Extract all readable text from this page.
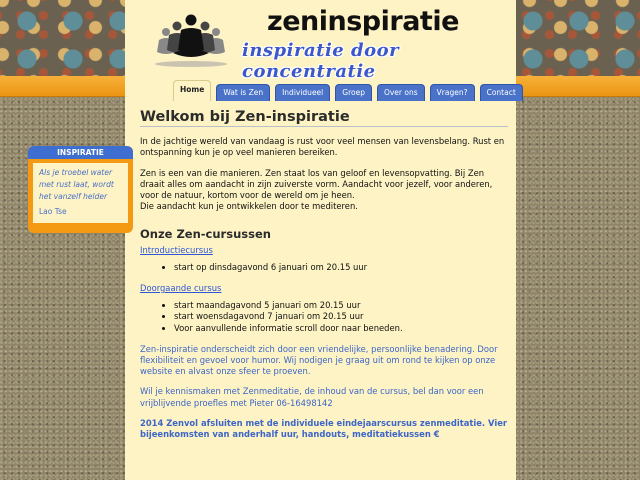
zeninspiratie
inspiratie door concentratie
Home	Wat is Zen	Individueel	Groep	Over ons	Vragen?	Contact
INSPIRATIE
Als je troebel water met rust laat, wordt het vanzelf helder
Lao Tse
Welkom bij Zen-inspiratie

In de jachtige wereld van vandaag is rust voor veel mensen van levensbelang. Rust en ontspanning kun je op veel manieren bereiken.

Zen is een van die manieren. Zen staat los van geloof en levensopvatting. Bij Zen draait alles om aandacht in zijn zuiverste vorm. Aandacht voor jezelf, voor anderen, voor de natuur, kortom voor de wereld om je heen.
Die aandacht kun je ontwikkelen door te mediteren.

Onze Zen-cursussen
Introductiecursus
• start op dinsdagavond 6 januari om 20.15 uur
Doorgaande cursus
• start maandagavond 5 januari om 20.15 uur
• start woensdagavond 7 januari om 20.15 uur
• Voor aanvullende informatie scroll door naar beneden.

Zen-inspiratie onderscheidt zich door een vriendelijke, persoonlijke benadering. Door flexibiliteit en gevoel voor humor. Wij nodigen je graag uit om rond te kijken op onze website en alvast onze sfeer te proeven.

Wil je kennismaken met Zenmeditatie, de inhoud van de cursus, bel dan voor een vrijblijvende proefles met Pieter 06-16498142

2014 Zenvol afsluiten met de individuele eindejaarscursus zenmeditatie. Vier bijeenkomsten van anderhalf uur, handouts, meditatiekussen €
